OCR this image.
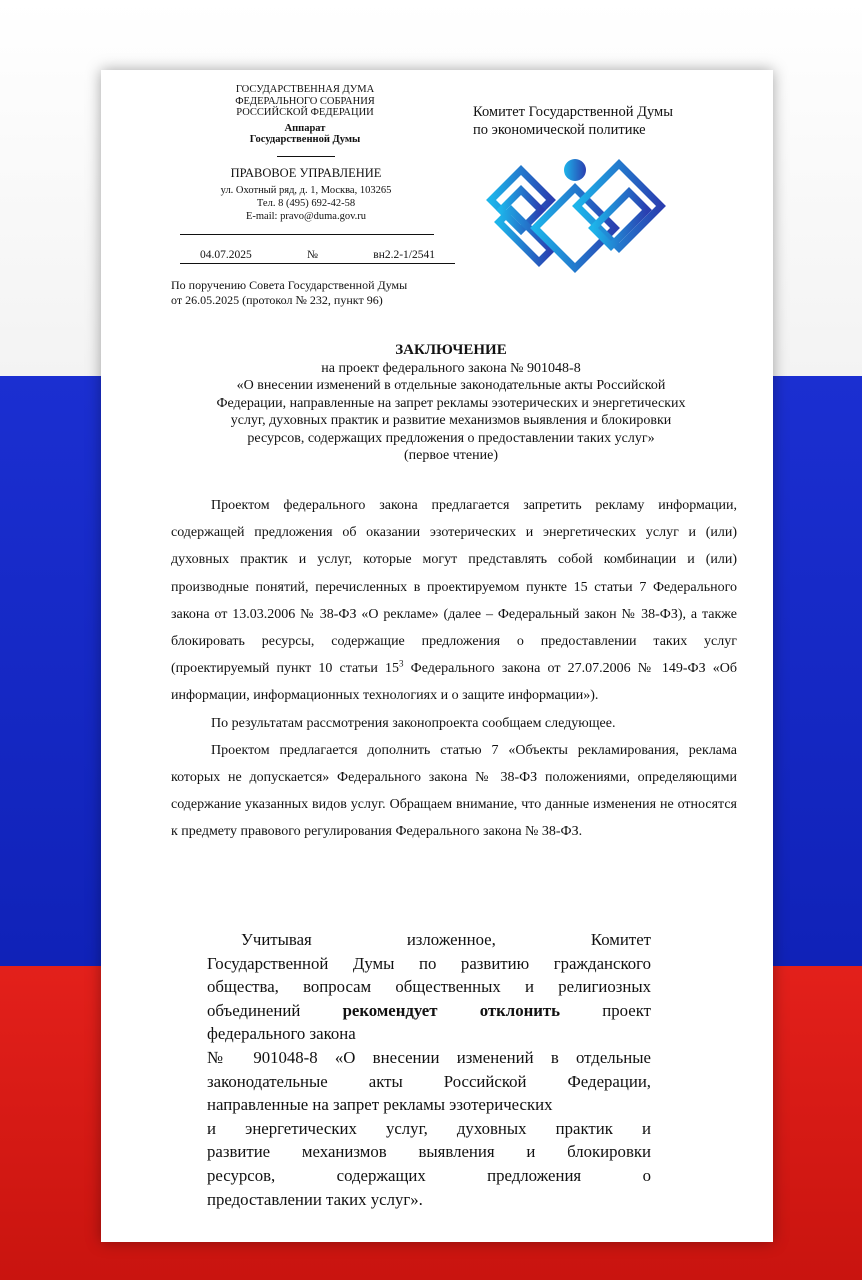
ГОСУДАРСТВЕННАЯ ДУМА
ФЕДЕРАЛЬНОГО СОБРАНИЯ
РОССИЙСКОЙ ФЕДЕРАЦИИ
Аппарат
Государственной Думы
ПРАВОВОЕ УПРАВЛЕНИЕ
ул. Охотный ряд, д. 1, Москва, 103265
Тел. 8 (495) 692-42-58
E-mail: pravo@duma.gov.ru
04.07.2025	№	вн2.2-1/2541
По поручению Совета Государственной Думы
от 26.05.2025 (протокол № 232, пункт 96)
Комитет Государственной Думы
по экономической политике
ЗАКЛЮЧЕНИЕ
на проект федерального закона № 901048-8
«О внесении изменений в отдельные законодательные акты Российской
Федерации, направленные на запрет рекламы эзотерических и энергетических
услуг, духовных практик и развитие механизмов выявления и блокировки
ресурсов, содержащих предложения о предоставлении таких услуг»
(первое чтение)

Проектом федерального закона предлагается запретить рекламу информации, содержащей предложения об оказании эзотерических и энергетических услуг и (или) духовных практик и услуг, которые могут представлять собой комбинации и (или) производные понятий, перечисленных в проектируемом пункте 15 статьи 7 Федерального закона от 13.03.2006 № 38-ФЗ «О рекламе» (далее – Федеральный закон № 38-ФЗ), а также блокировать ресурсы, содержащие предложения о предоставлении таких услуг (проектируемый пункт 10 статьи $15^3$ Федерального закона от 27.07.2006 № 149-ФЗ «Об информации, информационных технологиях и о защите информации»).

По результатам рассмотрения законопроекта сообщаем следующее.

Проектом предлагается дополнить статью 7 «Объекты рекламирования, реклама которых не допускается» Федерального закона № 38-ФЗ положениями, определяющими содержание указанных видов услуг. Обращаем внимание, что данные изменения не относятся к предмету правового регулирования Федерального закона № 38-ФЗ.

Учитывая изложенное, Комитет

Государственной Думы по развитию гражданского

общества, вопросам общественных и религиозных

объединений рекомендует отклонить проект

федерального закона

№ 901048-8 «О внесении изменений в отдельные

законодательные акты Российской Федерации,

направленные на запрет рекламы эзотерических

и энергетических услуг, духовных практик и

развитие механизмов выявления и блокировки

ресурсов, содержащих предложения о

предоставлении таких услуг».
